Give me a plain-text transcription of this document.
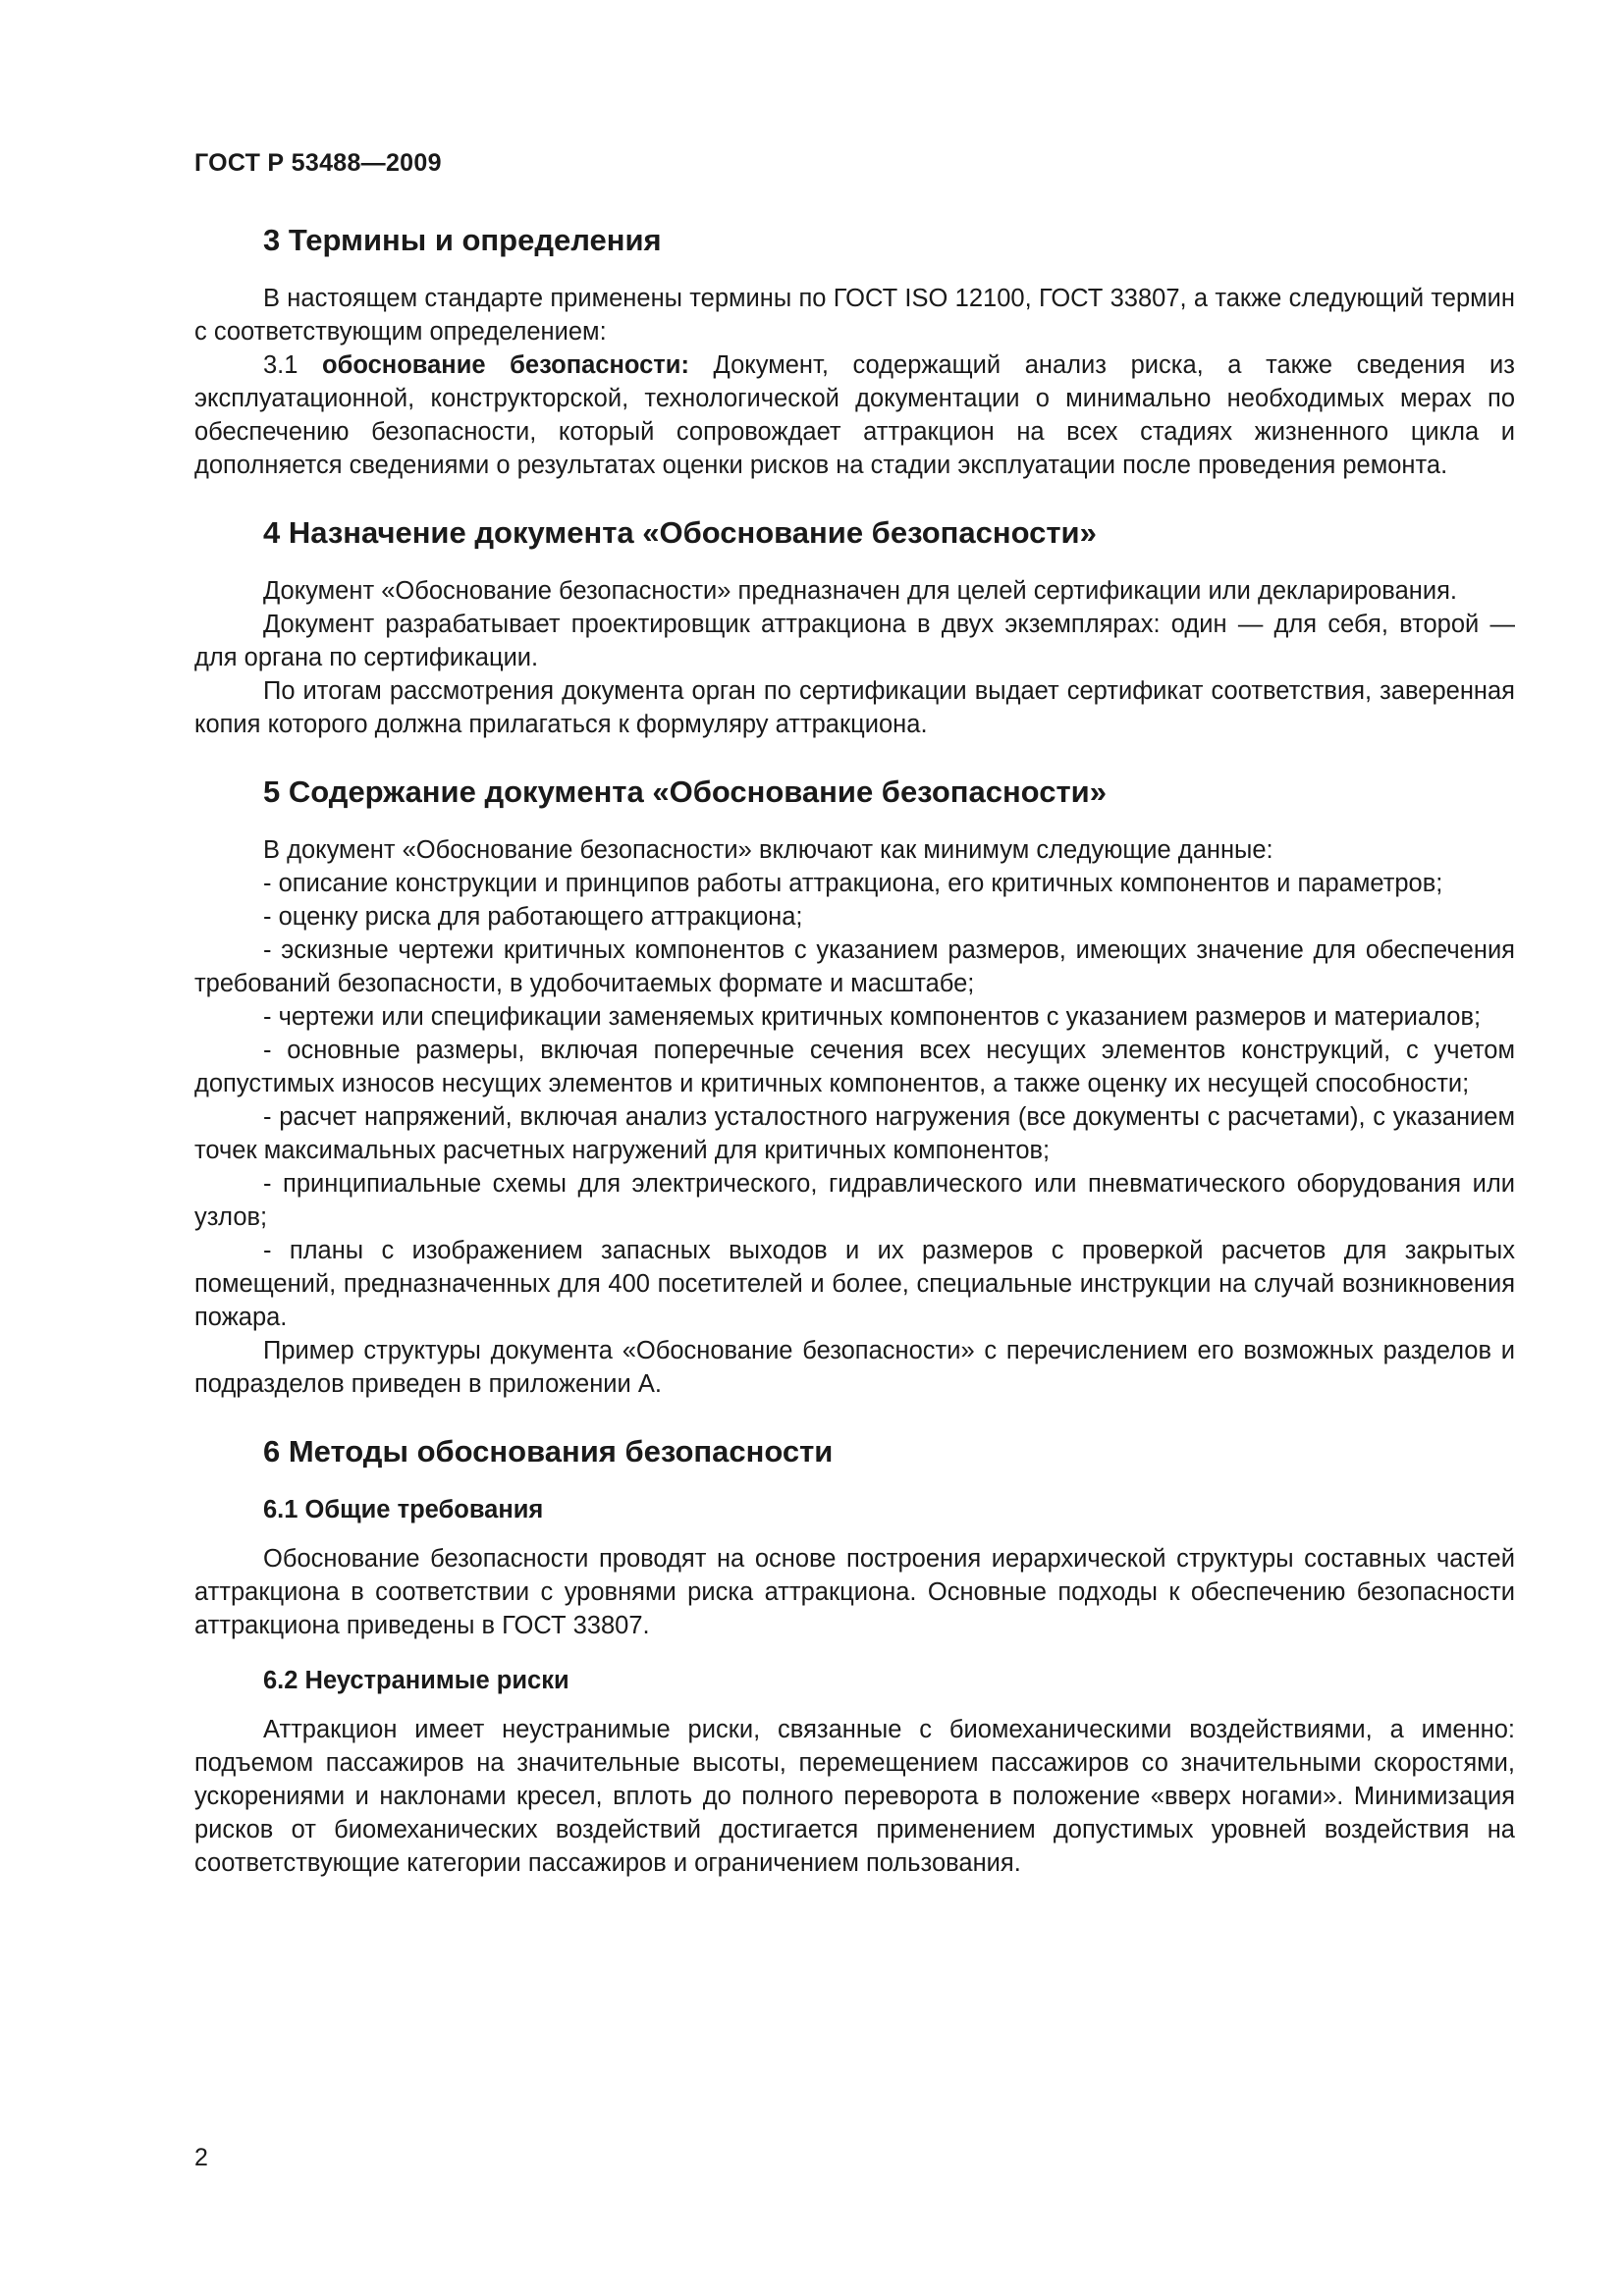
ГОСТ Р 53488—2009
3 Термины и определения

В настоящем стандарте применены термины по ГОСТ ISO 12100, ГОСТ 33807, а также следующий термин с соответствующим определением:

3.1 обоснование безопасности: Документ, содержащий анализ риска, а также сведения из эксплуатационной, конструкторской, технологической документации о минимально необходимых мерах по обеспечению безопасности, который сопровождает аттракцион на всех стадиях жизненного цикла и дополняется сведениями о результатах оценки рисков на стадии эксплуатации после проведения ремонта.

4 Назначение документа «Обоснование безопасности»

Документ «Обоснование безопасности» предназначен для целей сертификации или декларирования.

Документ разрабатывает проектировщик аттракциона в двух экземплярах: один — для себя, второй — для органа по сертификации.

По итогам рассмотрения документа орган по сертификации выдает сертификат соответствия, заверенная копия которого должна прилагаться к формуляру аттракциона.

5 Содержание документа «Обоснование безопасности»

В документ «Обоснование безопасности» включают как минимум следующие данные:

- описание конструкции и принципов работы аттракциона, его критичных компонентов и параметров;
- оценку риска для работающего аттракциона;
- эскизные чертежи критичных компонентов с указанием размеров, имеющих значение для обеспечения требований безопасности, в удобочитаемых формате и масштабе;
- чертежи или спецификации заменяемых критичных компонентов с указанием размеров и материалов;
- основные размеры, включая поперечные сечения всех несущих элементов конструкций, с учетом допустимых износов несущих элементов и критичных компонентов, а также оценку их несущей способности;
- расчет напряжений, включая анализ усталостного нагружения (все документы с расчетами), с указанием точек максимальных расчетных нагружений для критичных компонентов;
- принципиальные схемы для электрического, гидравлического или пневматического оборудования или узлов;
- планы с изображением запасных выходов и их размеров с проверкой расчетов для закрытых помещений, предназначенных для 400 посетителей и более, специальные инструкции на случай возникновения пожара.

Пример структуры документа «Обоснование безопасности» с перечислением его возможных разделов и подразделов приведен в приложении А.

6 Методы обоснования безопасности
6.1 Общие требования

Обоснование безопасности проводят на основе построения иерархической структуры составных частей аттракциона в соответствии с уровнями риска аттракциона. Основные подходы к обеспечению безопасности аттракциона приведены в ГОСТ 33807.

6.2 Неустранимые риски

Аттракцион имеет неустранимые риски, связанные с биомеханическими воздействиями, а именно: подъемом пассажиров на значительные высоты, перемещением пассажиров со значительными скоростями, ускорениями и наклонами кресел, вплоть до полного переворота в положение «вверх ногами». Минимизация рисков от биомеханических воздействий достигается применением допустимых уровней воздействия на соответствующие категории пассажиров и ограничением пользования.

2
